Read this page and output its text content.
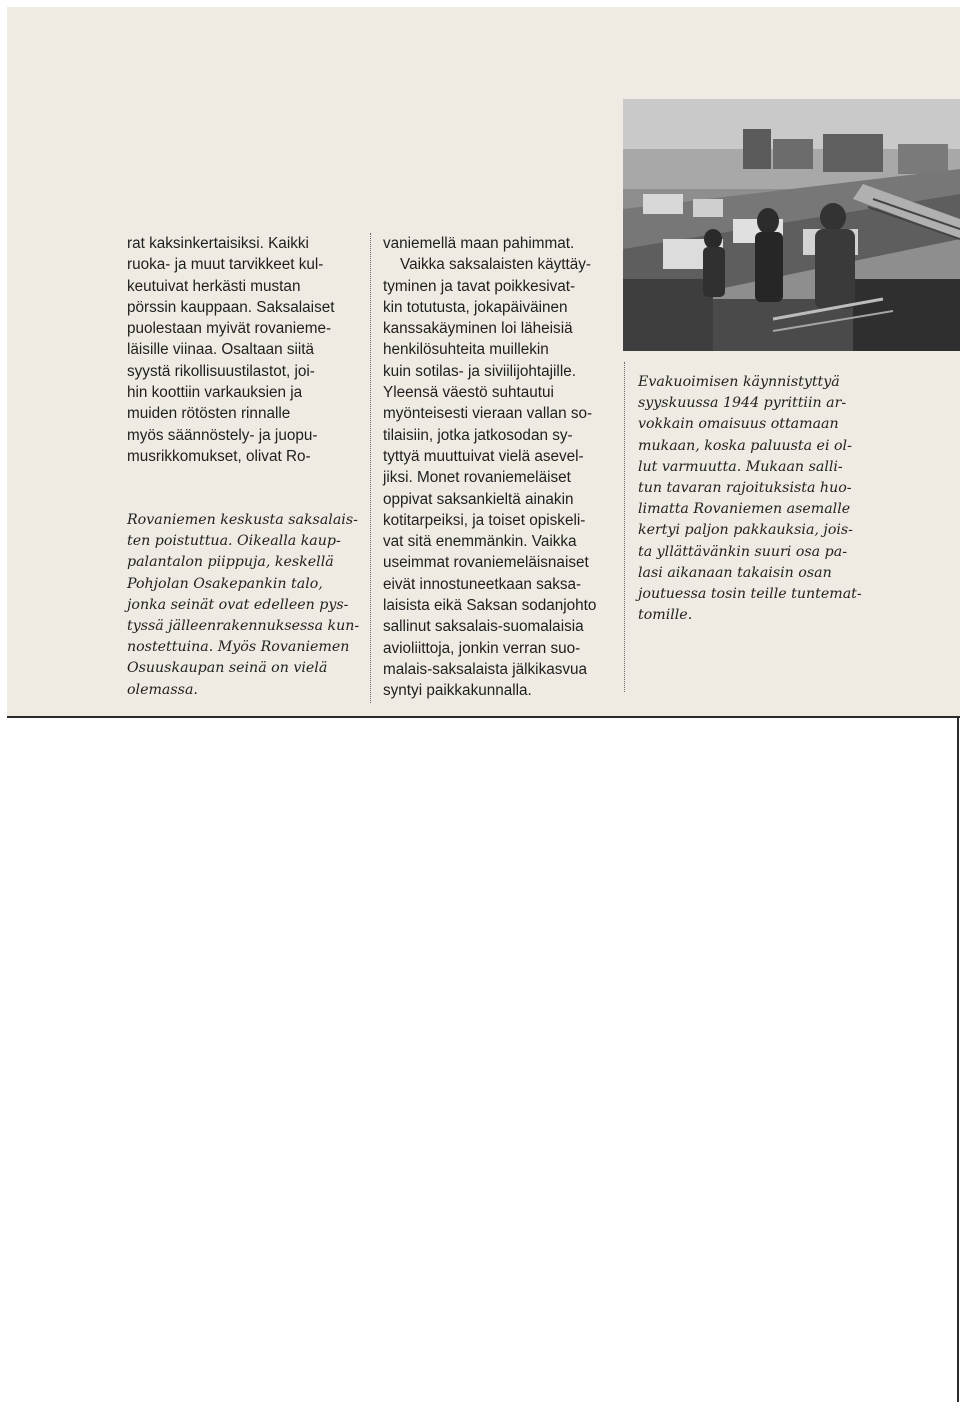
rat kaksinkertaisiksi. Kaikki
ruoka- ja muut tarvikkeet kul-
keutuivat herkästi mustan
pörssin kauppaan. Saksalaiset
puolestaan myivät rovanieme-
läisille viinaa. Osaltaan siitä
syystä rikollisuustilastot, joi-
hin koottiin varkauksien ja
muiden rötösten rinnalle
myös säännöstely- ja juopu-
musrikkomukset, olivat Ro-
vaniemellä maan pahimmat.
Vaikka saksalaisten käyttäy-
tyminen ja tavat poikkesivat-
kin totutusta, jokapäiväinen
kanssakäyminen loi läheisiä
henkilösuhteita muillekin
kuin sotilas- ja siviilijohtajille.
Yleensä väestö suhtautui
myönteisesti vieraan vallan so-
tilaisiin, jotka jatkosodan sy-
tyttyä muuttuivat vielä asevel-
jiksi. Monet rovaniemeläiset
oppivat saksankieltä ainakin
kotitarpeiksi, ja toiset opiskeli-
vat sitä enemmänkin. Vaikka
useimmat rovaniemeläisnaiset
eivät innostuneetkaan saksa-
laisista eikä Saksan sodanjohto
sallinut saksalais-suomalaisia
avioliittoja, jonkin verran suo-
malais-saksalaista jälkikasvua
syntyi paikkakunnalla.
Rovaniemen keskusta saksalais-
ten poistuttua. Oikealla kaup-
palantalon piippuja, keskellä
Pohjolan Osakepankin talo,
jonka seinät ovat edelleen pys-
tyssä jälleenrakennuksessa kun-
nostettuina. Myös Rovaniemen
Osuuskaupan seinä on vielä
olemassa.
Evakuoimisen käynnistyttyä
syyskuussa 1944 pyrittiin ar-
vokkain omaisuus ottamaan
mukaan, koska paluusta ei ol-
lut varmuutta. Mukaan salli-
tun tavaran rajoituksista huo-
limatta Rovaniemen asemalle
kertyi paljon pakkauksia, jois-
ta yllättävänkin suuri osa pa-
lasi aikanaan takaisin osan
joutuessa tosin teille tuntemat-
tomille.
